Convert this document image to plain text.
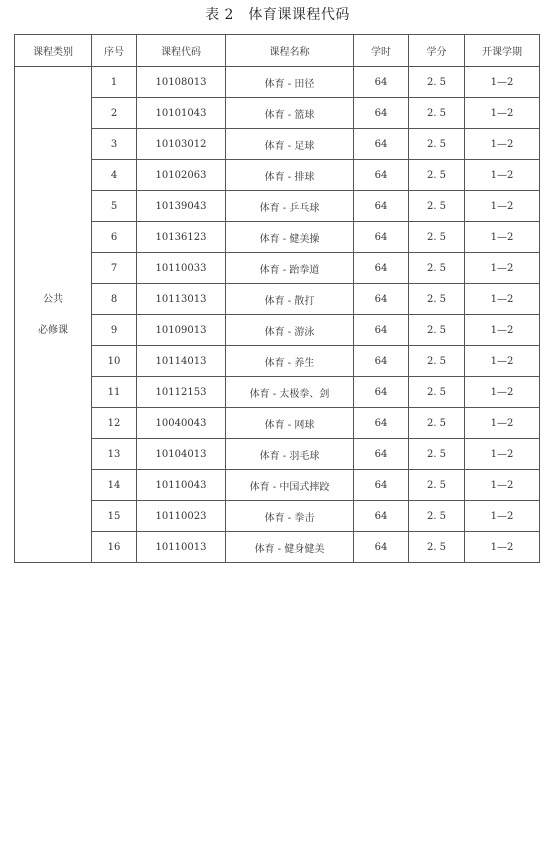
表 2　体育课课程代码
课程类别	序号	课程代码	课程名称	学时	学分	开课学期

公共
必修课	1	10108013	体育 - 田径	64	2. 5	1—2
	2	10101043	体育 - 篮球	64	2. 5	1—2
	3	10103012	体育 - 足球	64	2. 5	1—2
	4	10102063	体育 - 排球	64	2. 5	1—2
	5	10139043	体育 - 乒乓球	64	2. 5	1—2
	6	10136123	体育 - 健美操	64	2. 5	1—2
	7	10110033	体育 - 跆拳道	64	2. 5	1—2
	8	10113013	体育 - 散打	64	2. 5	1—2
	9	10109013	体育 - 游泳	64	2. 5	1—2
	10	10114013	体育 - 养生	64	2. 5	1—2
	11	10112153	体育 - 太极拳、剑	64	2. 5	1—2
	12	10040043	体育 - 网球	64	2. 5	1—2
	13	10104013	体育 - 羽毛球	64	2. 5	1—2
	14	10110043	体育 - 中国式摔跤	64	2. 5	1—2
	15	10110023	体育 - 拳击	64	2. 5	1—2
	16	10110013	体育 - 健身健美	64	2. 5	1—2
